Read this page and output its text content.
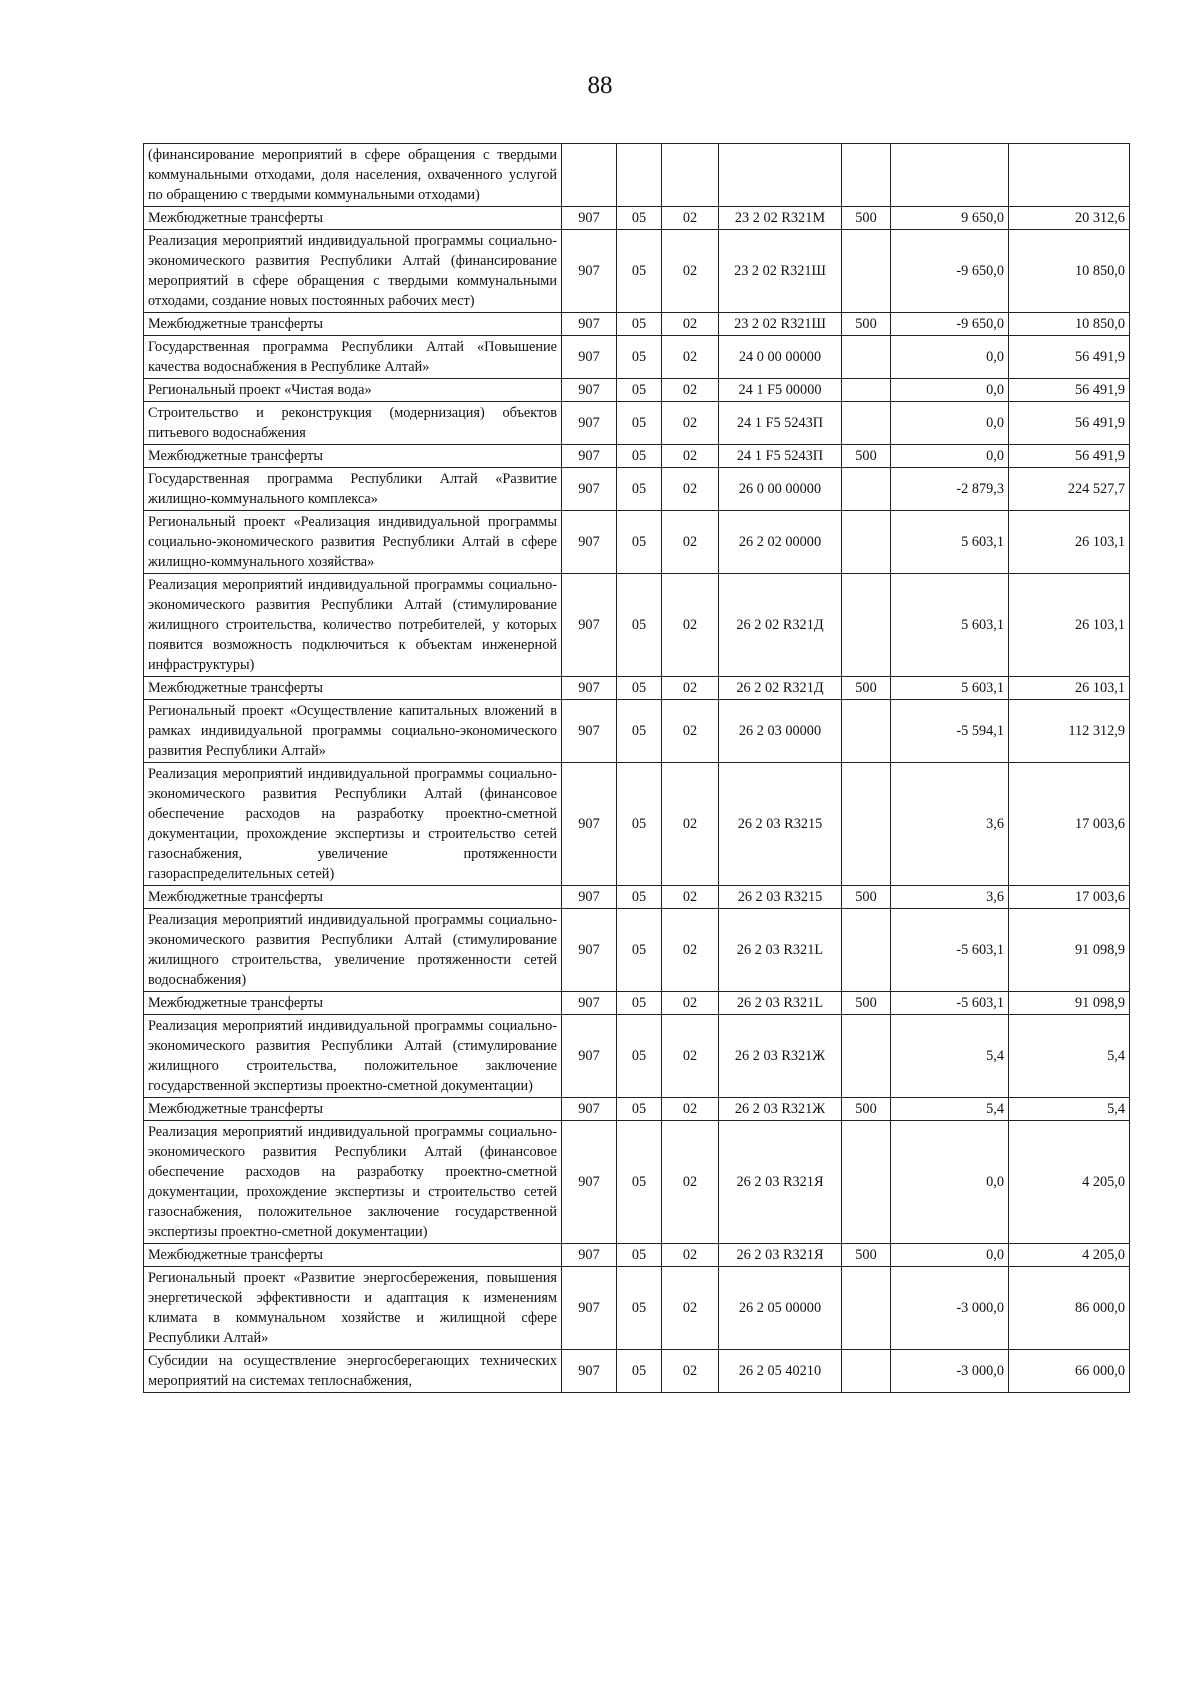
88
(финансирование мероприятий в сфере обращения с твердыми коммунальными отходами, доля населения, охваченного услугой по обращению с твердыми коммунальными отходами)							
Межбюджетные трансферты	907	05	02	23 2 02 R321М	500	9 650,0	20 312,6
Реализация мероприятий индивидуальной программы социально-экономического развития Республики Алтай (финансирование мероприятий в сфере обращения с твердыми коммунальными отходами, создание новых постоянных рабочих мест)	907	05	02	23 2 02 R321Ш		-9 650,0	10 850,0
Межбюджетные трансферты	907	05	02	23 2 02 R321Ш	500	-9 650,0	10 850,0
Государственная программа Республики Алтай «Повышение качества водоснабжения в Республике Алтай»	907	05	02	24 0 00 00000		0,0	56 491,9
Региональный проект «Чистая вода»	907	05	02	24 1 F5 00000		0,0	56 491,9
Строительство и реконструкция (модернизация) объектов питьевого водоснабжения	907	05	02	24 1 F5 5243П		0,0	56 491,9
Межбюджетные трансферты	907	05	02	24 1 F5 5243П	500	0,0	56 491,9
Государственная программа Республики Алтай «Развитие жилищно-коммунального комплекса»	907	05	02	26 0 00 00000		-2 879,3	224 527,7
Региональный проект «Реализация индивидуальной программы социально-экономического развития Республики Алтай в сфере жилищно-коммунального хозяйства»	907	05	02	26 2 02 00000		5 603,1	26 103,1
Реализация мероприятий индивидуальной программы социально-экономического развития Республики Алтай (стимулирование жилищного строительства, количество потребителей, у которых появится возможность подключиться к объектам инженерной инфраструктуры)	907	05	02	26 2 02 R321Д		5 603,1	26 103,1
Межбюджетные трансферты	907	05	02	26 2 02 R321Д	500	5 603,1	26 103,1
Региональный проект «Осуществление капитальных вложений в рамках индивидуальной программы социально-экономического развития Республики Алтай»	907	05	02	26 2 03 00000		-5 594,1	112 312,9
Реализация мероприятий индивидуальной программы социально-экономического развития Республики Алтай (финансовое обеспечение расходов на разработку проектно-сметной документации, прохождение экспертизы и строительство сетей газоснабжения, увеличение протяженности газораспределительных сетей)	907	05	02	26 2 03 R3215		3,6	17 003,6
Межбюджетные трансферты	907	05	02	26 2 03 R3215	500	3,6	17 003,6
Реализация мероприятий индивидуальной программы социально-экономического развития Республики Алтай (стимулирование жилищного строительства, увеличение протяженности сетей водоснабжения)	907	05	02	26 2 03 R321L		-5 603,1	91 098,9
Межбюджетные трансферты	907	05	02	26 2 03 R321L	500	-5 603,1	91 098,9
Реализация мероприятий индивидуальной программы социально-экономического развития Республики Алтай (стимулирование жилищного строительства, положительное заключение государственной экспертизы проектно-сметной документации)	907	05	02	26 2 03 R321Ж		5,4	5,4
Межбюджетные трансферты	907	05	02	26 2 03 R321Ж	500	5,4	5,4
Реализация мероприятий индивидуальной программы социально-экономического развития Республики Алтай (финансовое обеспечение расходов на разработку проектно-сметной документации, прохождение экспертизы и строительство сетей газоснабжения, положительное заключение государственной экспертизы проектно-сметной документации)	907	05	02	26 2 03 R321Я		0,0	4 205,0
Межбюджетные трансферты	907	05	02	26 2 03 R321Я	500	0,0	4 205,0
Региональный проект «Развитие энергосбережения, повышения энергетической эффективности и адаптация к изменениям климата в коммунальном хозяйстве и жилищной сфере Республики Алтай»	907	05	02	26 2 05 00000		-3 000,0	86 000,0
Субсидии на осуществление энергосберегающих технических мероприятий на системах теплоснабжения,	907	05	02	26 2 05 40210		-3 000,0	66 000,0
